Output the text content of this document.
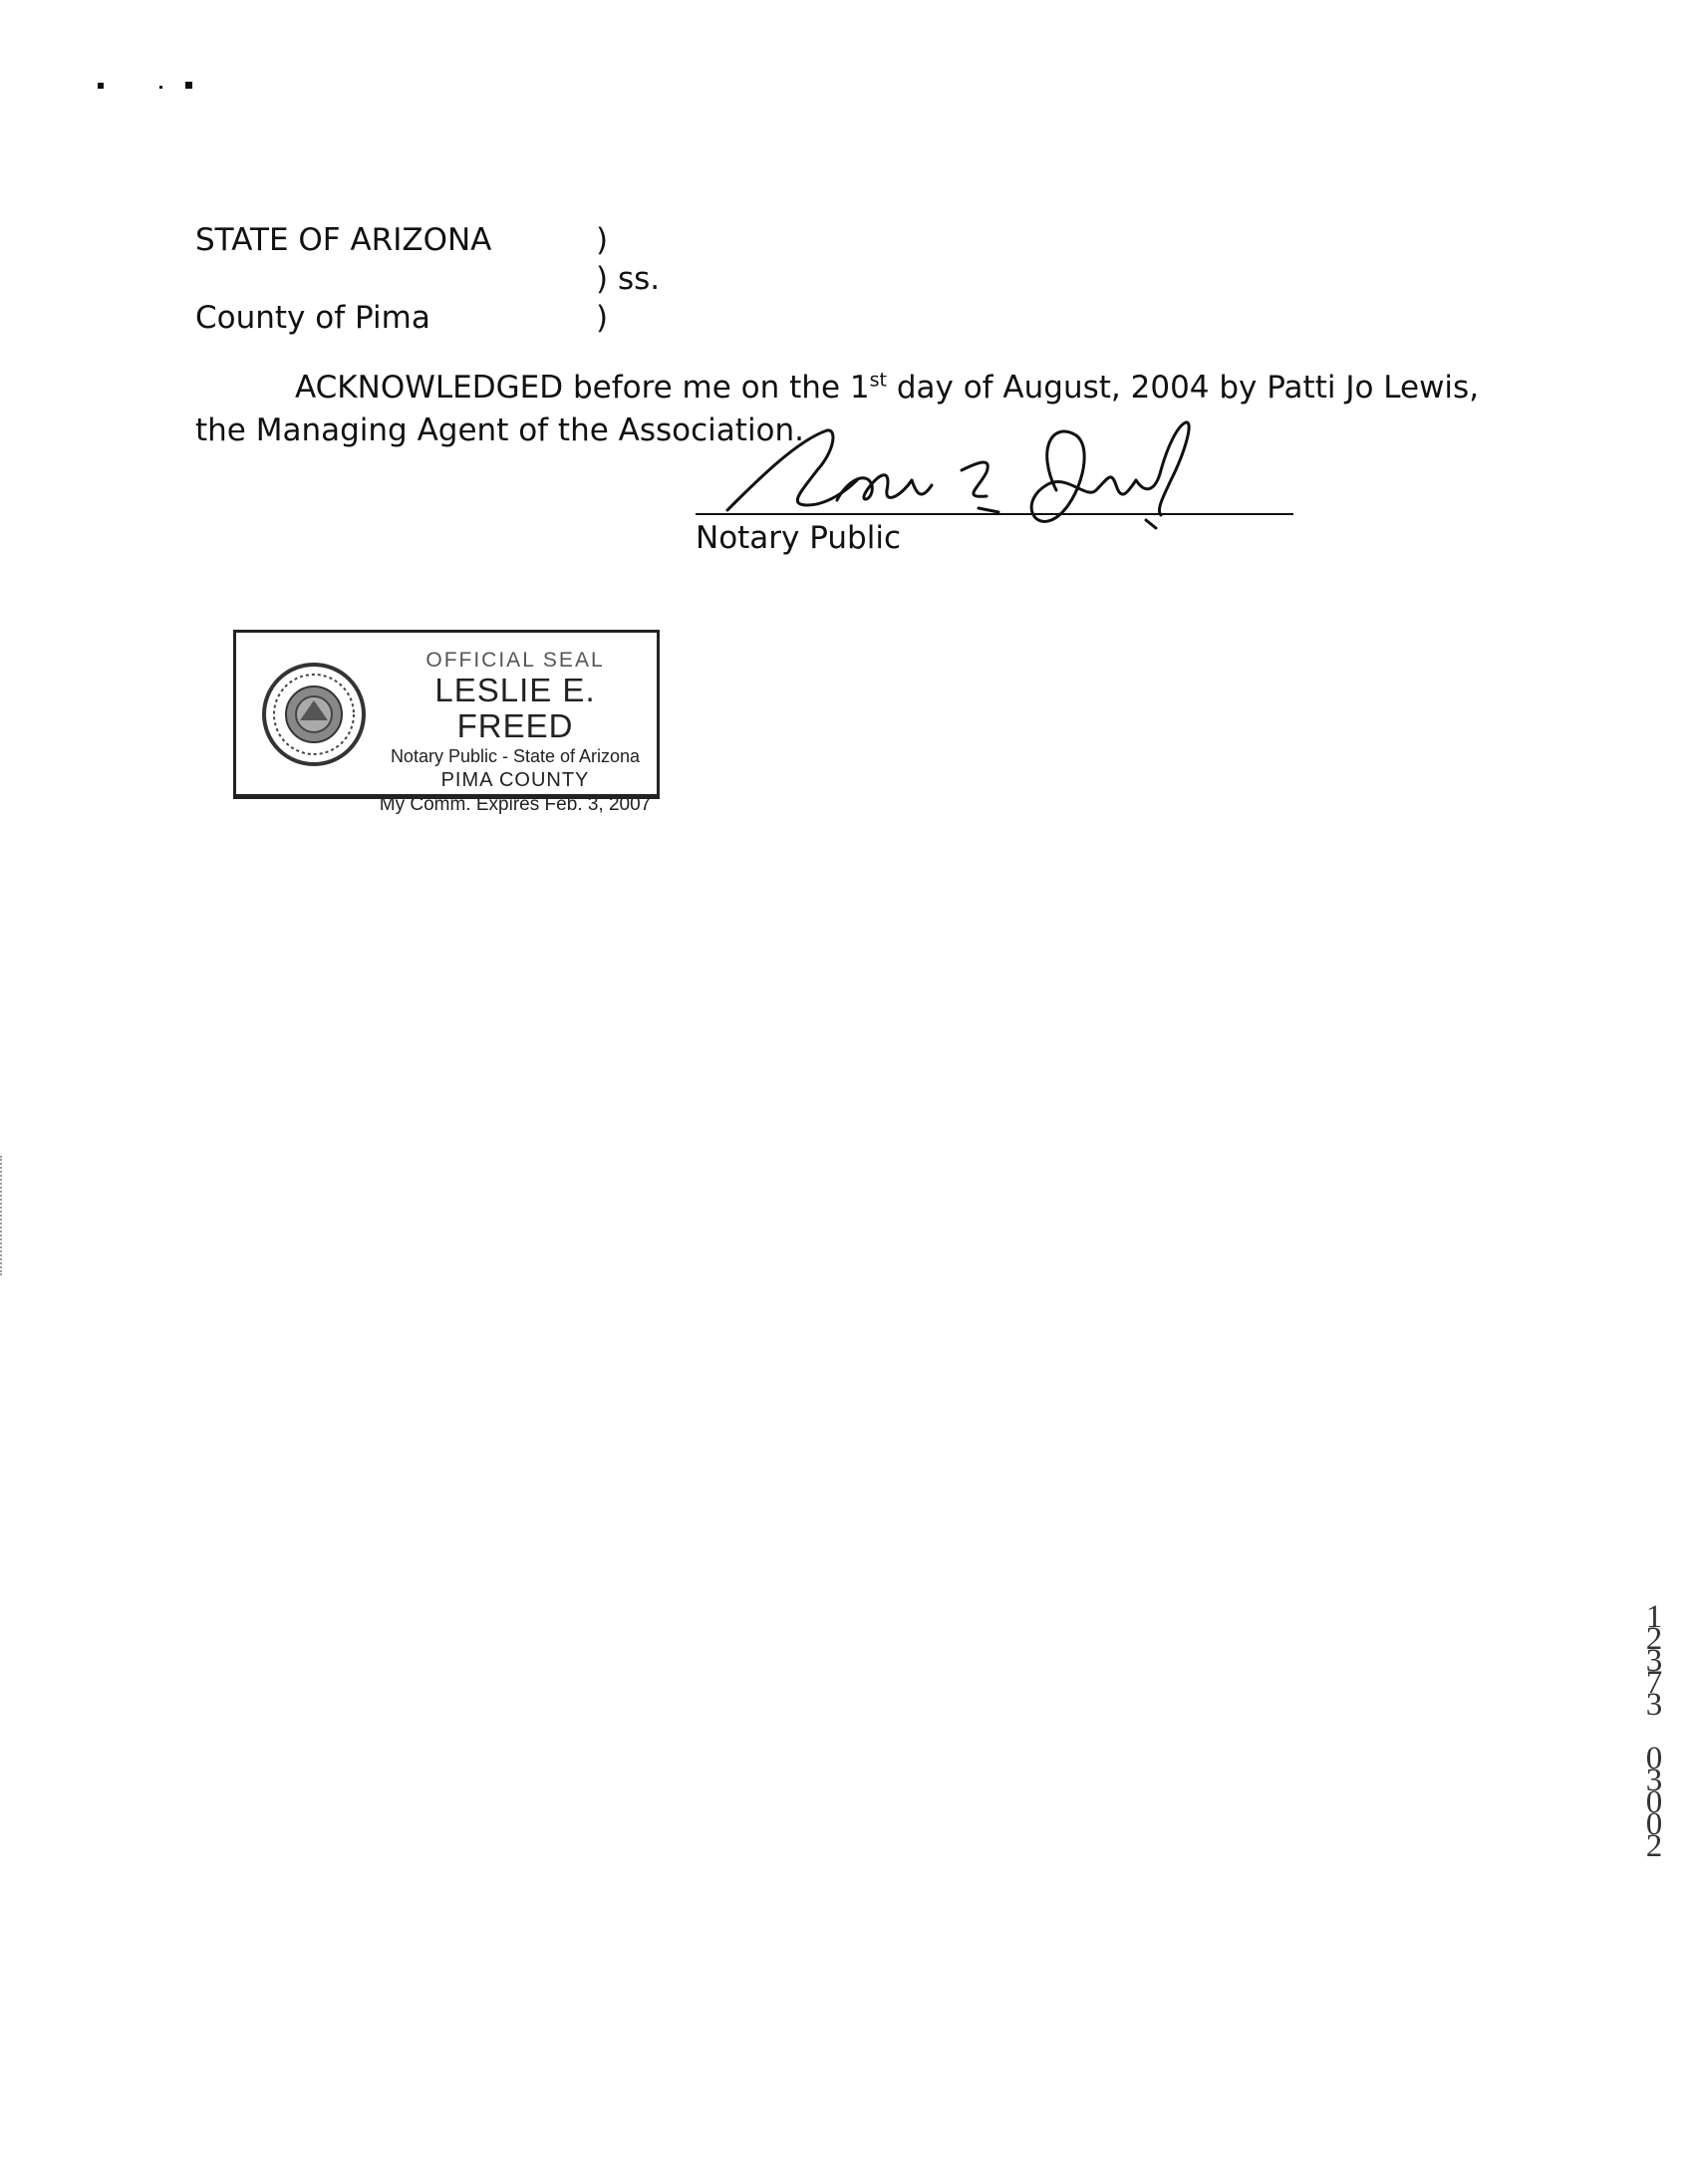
STATE OF ARIZONA
County of Pima
)
) ss.
)
ACKNOWLEDGED before me on the 1st day of August, 2004 by Patti Jo Lewis,
the Managing Agent of the Association.
Notary Public
OFFICIAL SEAL
LESLIE E. FREED
Notary Public - State of Arizona
PIMA COUNTY
My Comm. Expires Feb. 3, 2007
12373
03002
